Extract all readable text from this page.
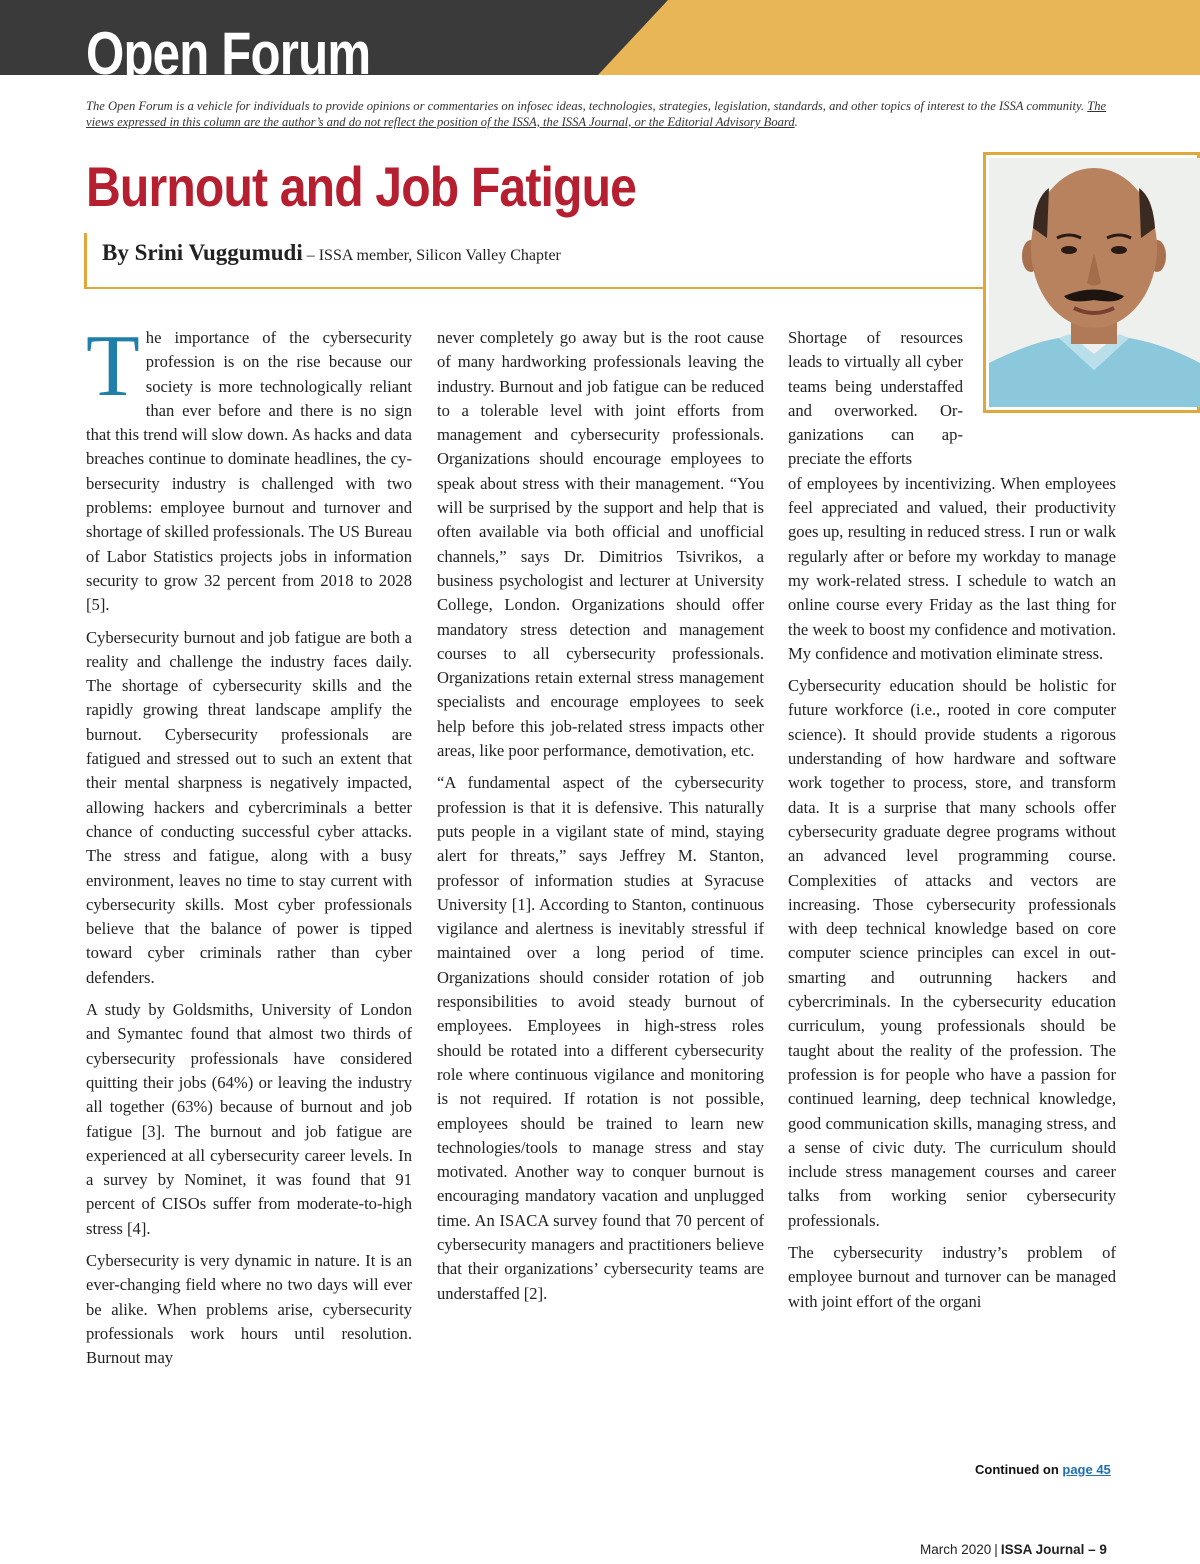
Open Forum
The Open Forum is a vehicle for individuals to provide opinions or commentaries on infosec ideas, technologies, strategies, legislation, standards, and other topics of interest to the ISSA community. The views expressed in this column are the author’s and do not reflect the position of the ISSA, the ISSA Journal, or the Editorial Advisory Board.
Burnout and Job Fatigue
By Srini Vuggumudi – ISSA member, Silicon Valley Chapter

The importance of the cybersecurity profession is on the rise because our society is more technologically reliant than ever before and there is no sign that this trend will slow down. As hacks and data breaches continue to dominate headlines, the cybersecurity industry is challenged with two problems: employee burnout and turnover and shortage of skilled professionals. The US Bureau of Labor Statistics projects jobs in information security to grow 32 percent from 2018 to 2028 [5].

Cybersecurity burnout and job fatigue are both a reality and challenge the industry faces daily. The shortage of cybersecurity skills and the rapidly growing threat landscape amplify the burnout. Cybersecurity professionals are fatigued and stressed out to such an extent that their mental sharpness is negatively impacted, allowing hackers and cybercriminals a better chance of conducting successful cyber attacks. The stress and fatigue, along with a busy environment, leaves no time to stay current with cybersecurity skills. Most cyber professionals believe that the balance of power is tipped toward cyber criminals rather than cyber defenders.

A study by Goldsmiths, University of London and Symantec found that almost two thirds of cybersecurity professionals have considered quitting their jobs (64%) or leaving the industry all together (63%) because of burnout and job fatigue [3]. The burnout and job fatigue are experienced at all cybersecurity career levels. In a survey by Nominet, it was found that 91 percent of CISOs suffer from moderate-to-high stress [4].

Cybersecurity is very dynamic in nature. It is an ever-changing field where no two days will ever be alike. When problems arise, cybersecurity professionals work hours until resolution. Burnout may

never completely go away but is the root cause of many hardworking professionals leaving the industry. Burnout and job fatigue can be reduced to a tolerable level with joint efforts from management and cybersecurity professionals. Organizations should encourage employees to speak about stress with their management. “You will be surprised by the support and help that is often available via both official and unofficial channels,” says Dr. Dimitrios Tsivrikos, a business psychologist and lecturer at University College, London. Organizations should offer mandatory stress detection and management courses to all cybersecurity professionals. Organizations retain external stress management specialists and encourage employees to seek help before this job-related stress impacts other areas, like poor performance, demotivation, etc.

“A fundamental aspect of the cybersecurity profession is that it is defensive. This naturally puts people in a vigilant state of mind, staying alert for threats,” says Jeffrey M. Stanton, professor of information studies at Syracuse University [1]. According to Stanton, continuous vigilance and alertness is inevitably stressful if maintained over a long period of time. Organizations should consider rotation of job responsibilities to avoid steady burnout of employees. Employees in high-stress roles should be rotated into a different cybersecurity role where continuous vigilance and monitoring is not required. If rotation is not possible, employees should be trained to learn new technologies/tools to manage stress and stay motivated. Another way to conquer burnout is encouraging mandatory vacation and unplugged time. An ISACA survey found that 70 percent of cybersecurity managers and practitioners believe that their organizations’ cybersecurity teams are understaffed [2].

Shortage of resources leads to virtually all cyber teams being understaffed and overworked. Organizations can appreciate the efforts

of employees by incentivizing. When employees feel appreciated and valued, their productivity goes up, resulting in reduced stress. I run or walk regularly after or before my workday to manage my work-related stress. I schedule to watch an online course every Friday as the last thing for the week to boost my confidence and motivation. My confidence and motivation eliminate stress.

Cybersecurity education should be holistic for future workforce (i.e., rooted in core computer science). It should provide students a rigorous understanding of how hardware and software work together to process, store, and transform data. It is a surprise that many schools offer cybersecurity graduate degree programs without an advanced level programming course. Complexities of attacks and vectors are increasing. Those cybersecurity professionals with deep technical knowledge based on core computer science principles can excel in outsmarting and outrunning hackers and cybercriminals. In the cybersecurity education curriculum, young professionals should be taught about the reality of the profession. The profession is for people who have a passion for continued learning, deep technical knowledge, good communication skills, managing stress, and a sense of civic duty. The curriculum should include stress management courses and career talks from working senior cybersecurity professionals.

The cybersecurity industry’s problem of employee burnout and turnover can be managed with joint effort of the organi

Continued on page 45
March 2020 | ISSA Journal – 9
